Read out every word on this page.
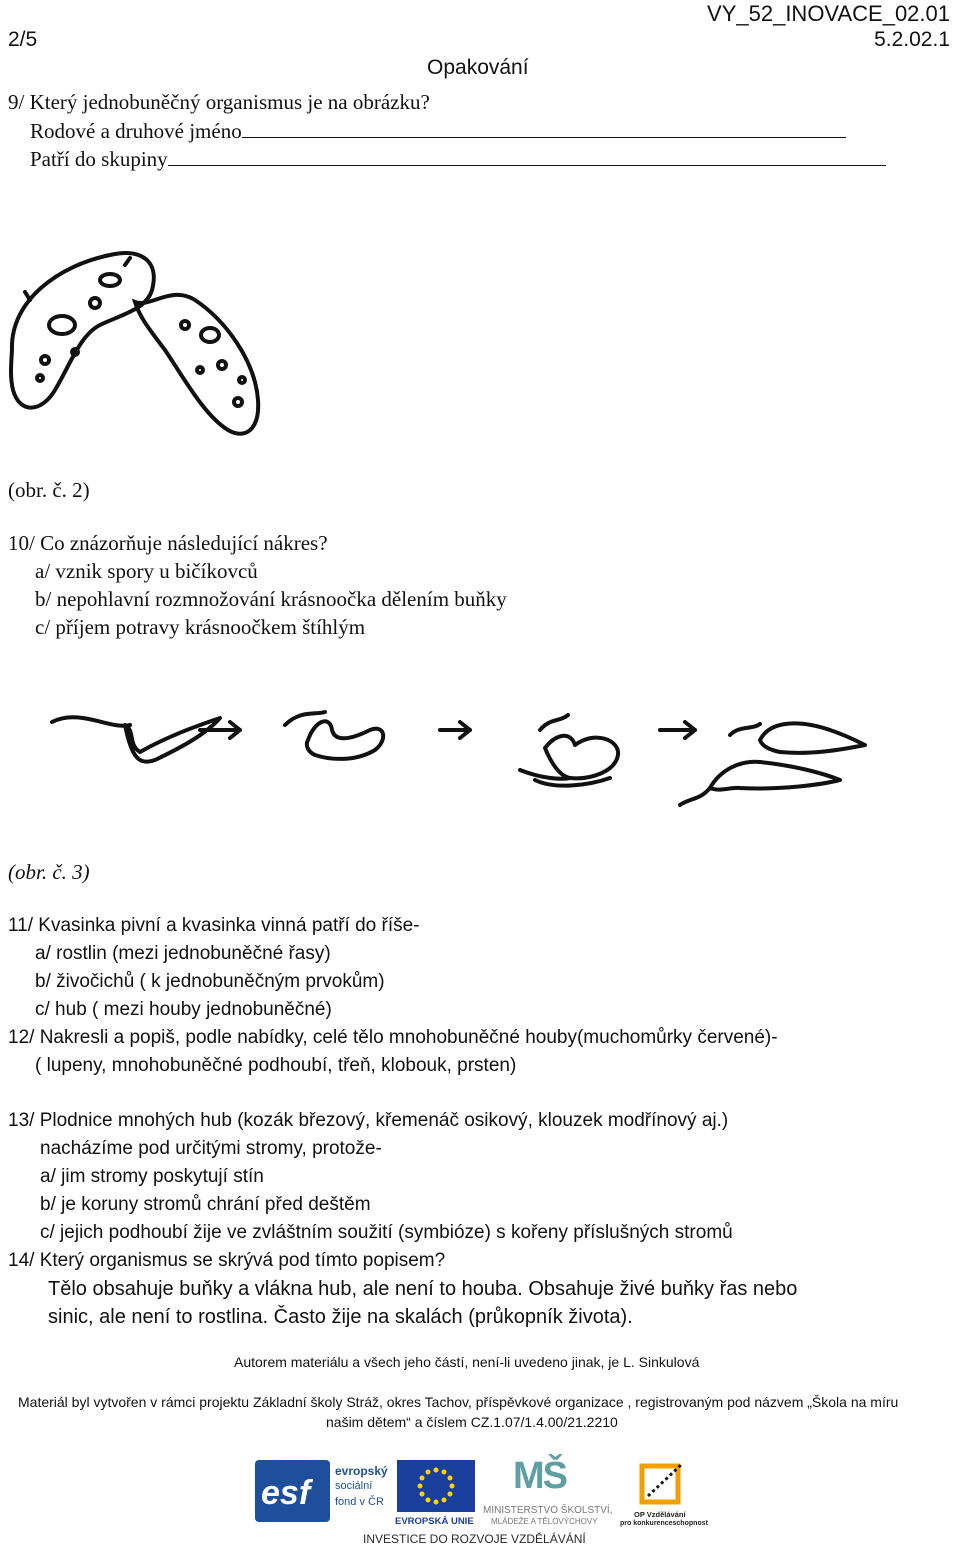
2/5
VY_52_INOVACE_02.01
5.2.02.1
Opakování
9/ Který jednobuněčný organismus je na obrázku?
Rodové a druhové jméno
Patří do skupiny
(obr. č. 2)
10/ Co znázorňuje následující nákres?
a/ vznik spory u bičíkovců
b/ nepohlavní rozmnožování krásnoočka dělením buňky
c/ příjem potravy krásnoočkem štíhlým
(obr. č. 3)
11/ Kvasinka pivní a kvasinka vinná patří do říše-
a/ rostlin (mezi jednobuněčné řasy)
b/ živočichů ( k jednobuněčným prvokům)
c/ hub ( mezi houby jednobuněčné)
12/ Nakresli a popiš, podle nabídky, celé tělo mnohobuněčné houby(muchomůrky červené)-
( lupeny, mnohobuněčné podhoubí, třeň, klobouk, prsten)
13/ Plodnice mnohých hub (kozák březový, křemenáč osikový, klouzek modřínový aj.)
nacházíme pod určitými stromy, protože-
a/ jim stromy poskytují stín
b/ je koruny stromů chrání před deštěm
c/ jejich podhoubí žije ve zvláštním soužití (symbióze) s kořeny příslušných stromů
14/ Který organismus se skrývá pod tímto popisem?
Tělo obsahuje buňky a vlákna hub, ale není to houba. Obsahuje živé buňky řas nebo
sinic, ale není to rostlina. Často žije na skalách (průkopník života).
Autorem materiálu a všech jeho částí, není-li uvedeno jinak, je L. Sinkulová
Materiál byl vytvořen v rámci projektu Základní školy Stráž, okres Tachov, příspěvkové organizace , registrovaným pod názvem „Škola na míru
našim dětem“ a číslem CZ.1.07/1.4.00/21.2210
esf
evropský
sociální
fond v ČR
EVROPSKÁ UNIE
MŠ
MINISTERSTVO ŠKOLSTVÍ,
MLÁDEŽE A TĚLOVÝCHOVY
OP Vzdělávání
pro konkurenceschopnost
INVESTICE DO ROZVOJE VZDĚLÁVÁNÍ
